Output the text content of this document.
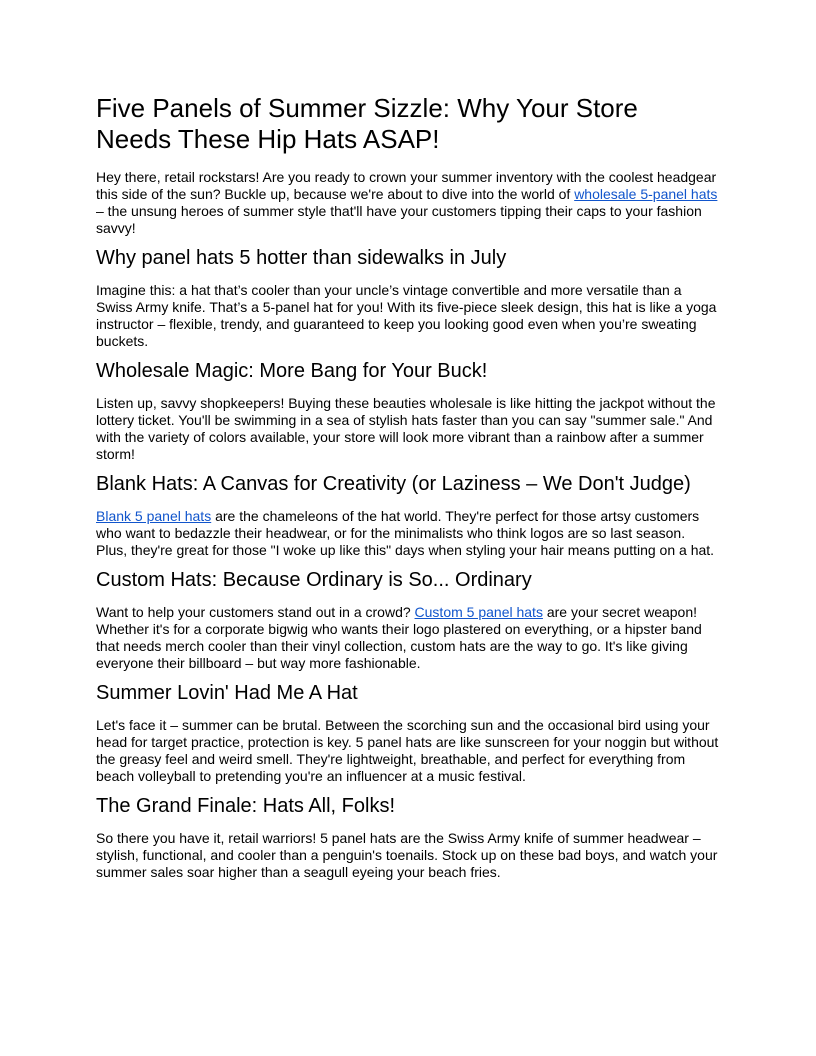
Five Panels of Summer Sizzle: Why Your Store Needs These Hip Hats ASAP!

Hey there, retail rockstars! Are you ready to crown your summer inventory with the coolest headgear this side of the sun? Buckle up, because we're about to dive into the world of wholesale 5-panel hats – the unsung heroes of summer style that'll have your customers tipping their caps to your fashion savvy!

Why panel hats 5 hotter than sidewalks in July

Imagine this: a hat that’s cooler than your uncle’s vintage convertible and more versatile than a Swiss Army knife. That’s a 5-panel hat for you! With its five-piece sleek design, this hat is like a yoga instructor – flexible, trendy, and guaranteed to keep you looking good even when you’re sweating buckets.

Wholesale Magic: More Bang for Your Buck!

Listen up, savvy shopkeepers! Buying these beauties wholesale is like hitting the jackpot without the lottery ticket. You'll be swimming in a sea of stylish hats faster than you can say "summer sale." And with the variety of colors available, your store will look more vibrant than a rainbow after a summer storm!

Blank Hats: A Canvas for Creativity (or Laziness – We Don't Judge)

Blank 5 panel hats are the chameleons of the hat world. They're perfect for those artsy customers who want to bedazzle their headwear, or for the minimalists who think logos are so last season. Plus, they're great for those "I woke up like this" days when styling your hair means putting on a hat.

Custom Hats: Because Ordinary is So... Ordinary

Want to help your customers stand out in a crowd? Custom 5 panel hats are your secret weapon! Whether it's for a corporate bigwig who wants their logo plastered on everything, or a hipster band that needs merch cooler than their vinyl collection, custom hats are the way to go. It's like giving everyone their billboard – but way more fashionable.

Summer Lovin' Had Me A Hat

Let's face it – summer can be brutal. Between the scorching sun and the occasional bird using your head for target practice, protection is key. 5 panel hats are like sunscreen for your noggin but without the greasy feel and weird smell. They're lightweight, breathable, and perfect for everything from beach volleyball to pretending you're an influencer at a music festival.

The Grand Finale: Hats All, Folks!

So there you have it, retail warriors! 5 panel hats are the Swiss Army knife of summer headwear – stylish, functional, and cooler than a penguin's toenails. Stock up on these bad boys, and watch your summer sales soar higher than a seagull eyeing your beach fries.
